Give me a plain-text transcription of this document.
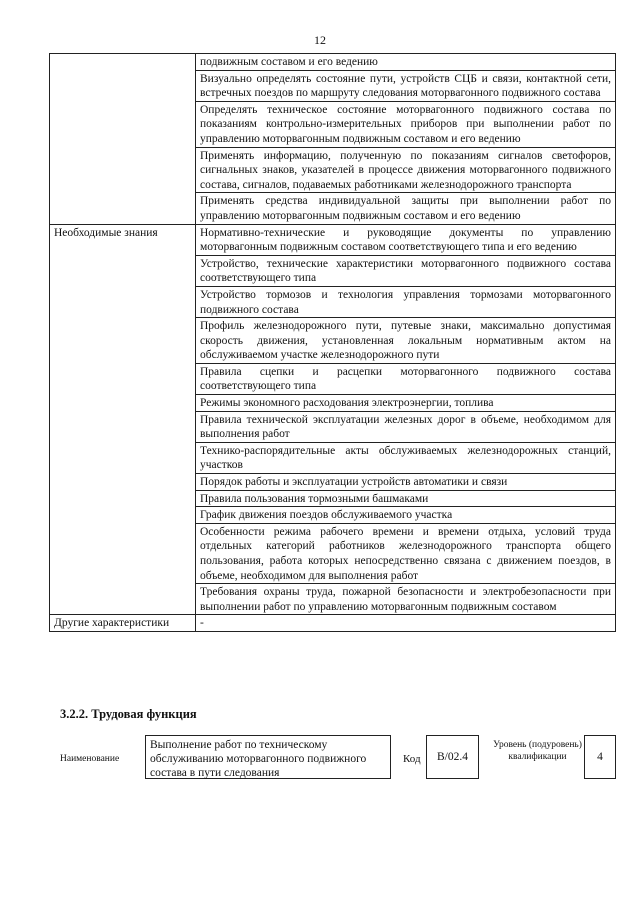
12
	подвижным составом и его ведению
	Визуально определять состояние пути, устройств СЦБ и связи, контактной сети, встречных поездов по маршруту следования моторвагонного подвижного состава
	Определять техническое состояние моторвагонного подвижного состава по показаниям контрольно-измерительных приборов при выполнении работ по управлению моторвагонным подвижным составом и его ведению
	Применять информацию, полученную по показаниям сигналов светофоров, сигнальных знаков, указателей в процессе движения моторвагонного подвижного состава, сигналов, подаваемых работниками железнодорожного транспорта
	Применять средства индивидуальной защиты при выполнении работ по управлению моторвагонным подвижным составом и его ведению
Необходимые знания	Нормативно-технические и руководящие документы по управлению моторвагонным подвижным составом соответствующего типа и его ведению
	Устройство, технические характеристики моторвагонного подвижного состава соответствующего типа
	Устройство тормозов и технология управления тормозами моторвагонного подвижного состава
	Профиль железнодорожного пути, путевые знаки, максимально допустимая скорость движения, установленная локальным нормативным актом на обслуживаемом участке железнодорожного пути
	Правила сцепки и расцепки моторвагонного подвижного состава соответствующего типа
	Режимы экономного расходования электроэнергии, топлива
	Правила технической эксплуатации железных дорог в объеме, необходимом для выполнения работ
	Технико-распорядительные акты обслуживаемых железнодорожных станций, участков
	Порядок работы и эксплуатации устройств автоматики и связи
	Правила пользования тормозными башмаками
	График движения поездов обслуживаемого участка
	Особенности режима рабочего времени и времени отдыха, условий труда отдельных категорий работников железнодорожного транспорта общего пользования, работа которых непосредственно связана с движением поездов, в объеме, необходимом для выполнения работ
	Требования охраны труда, пожарной безопасности и электробезопасности при выполнении работ по управлению моторвагонным подвижным составом
Другие характеристики	-
3.2.2. Трудовая функция
Наименование
Выполнение работ по техническому обслуживанию моторвагонного подвижного состава в пути следования
Код	В/02.4
Уровень (подуровень) квалификации	4
